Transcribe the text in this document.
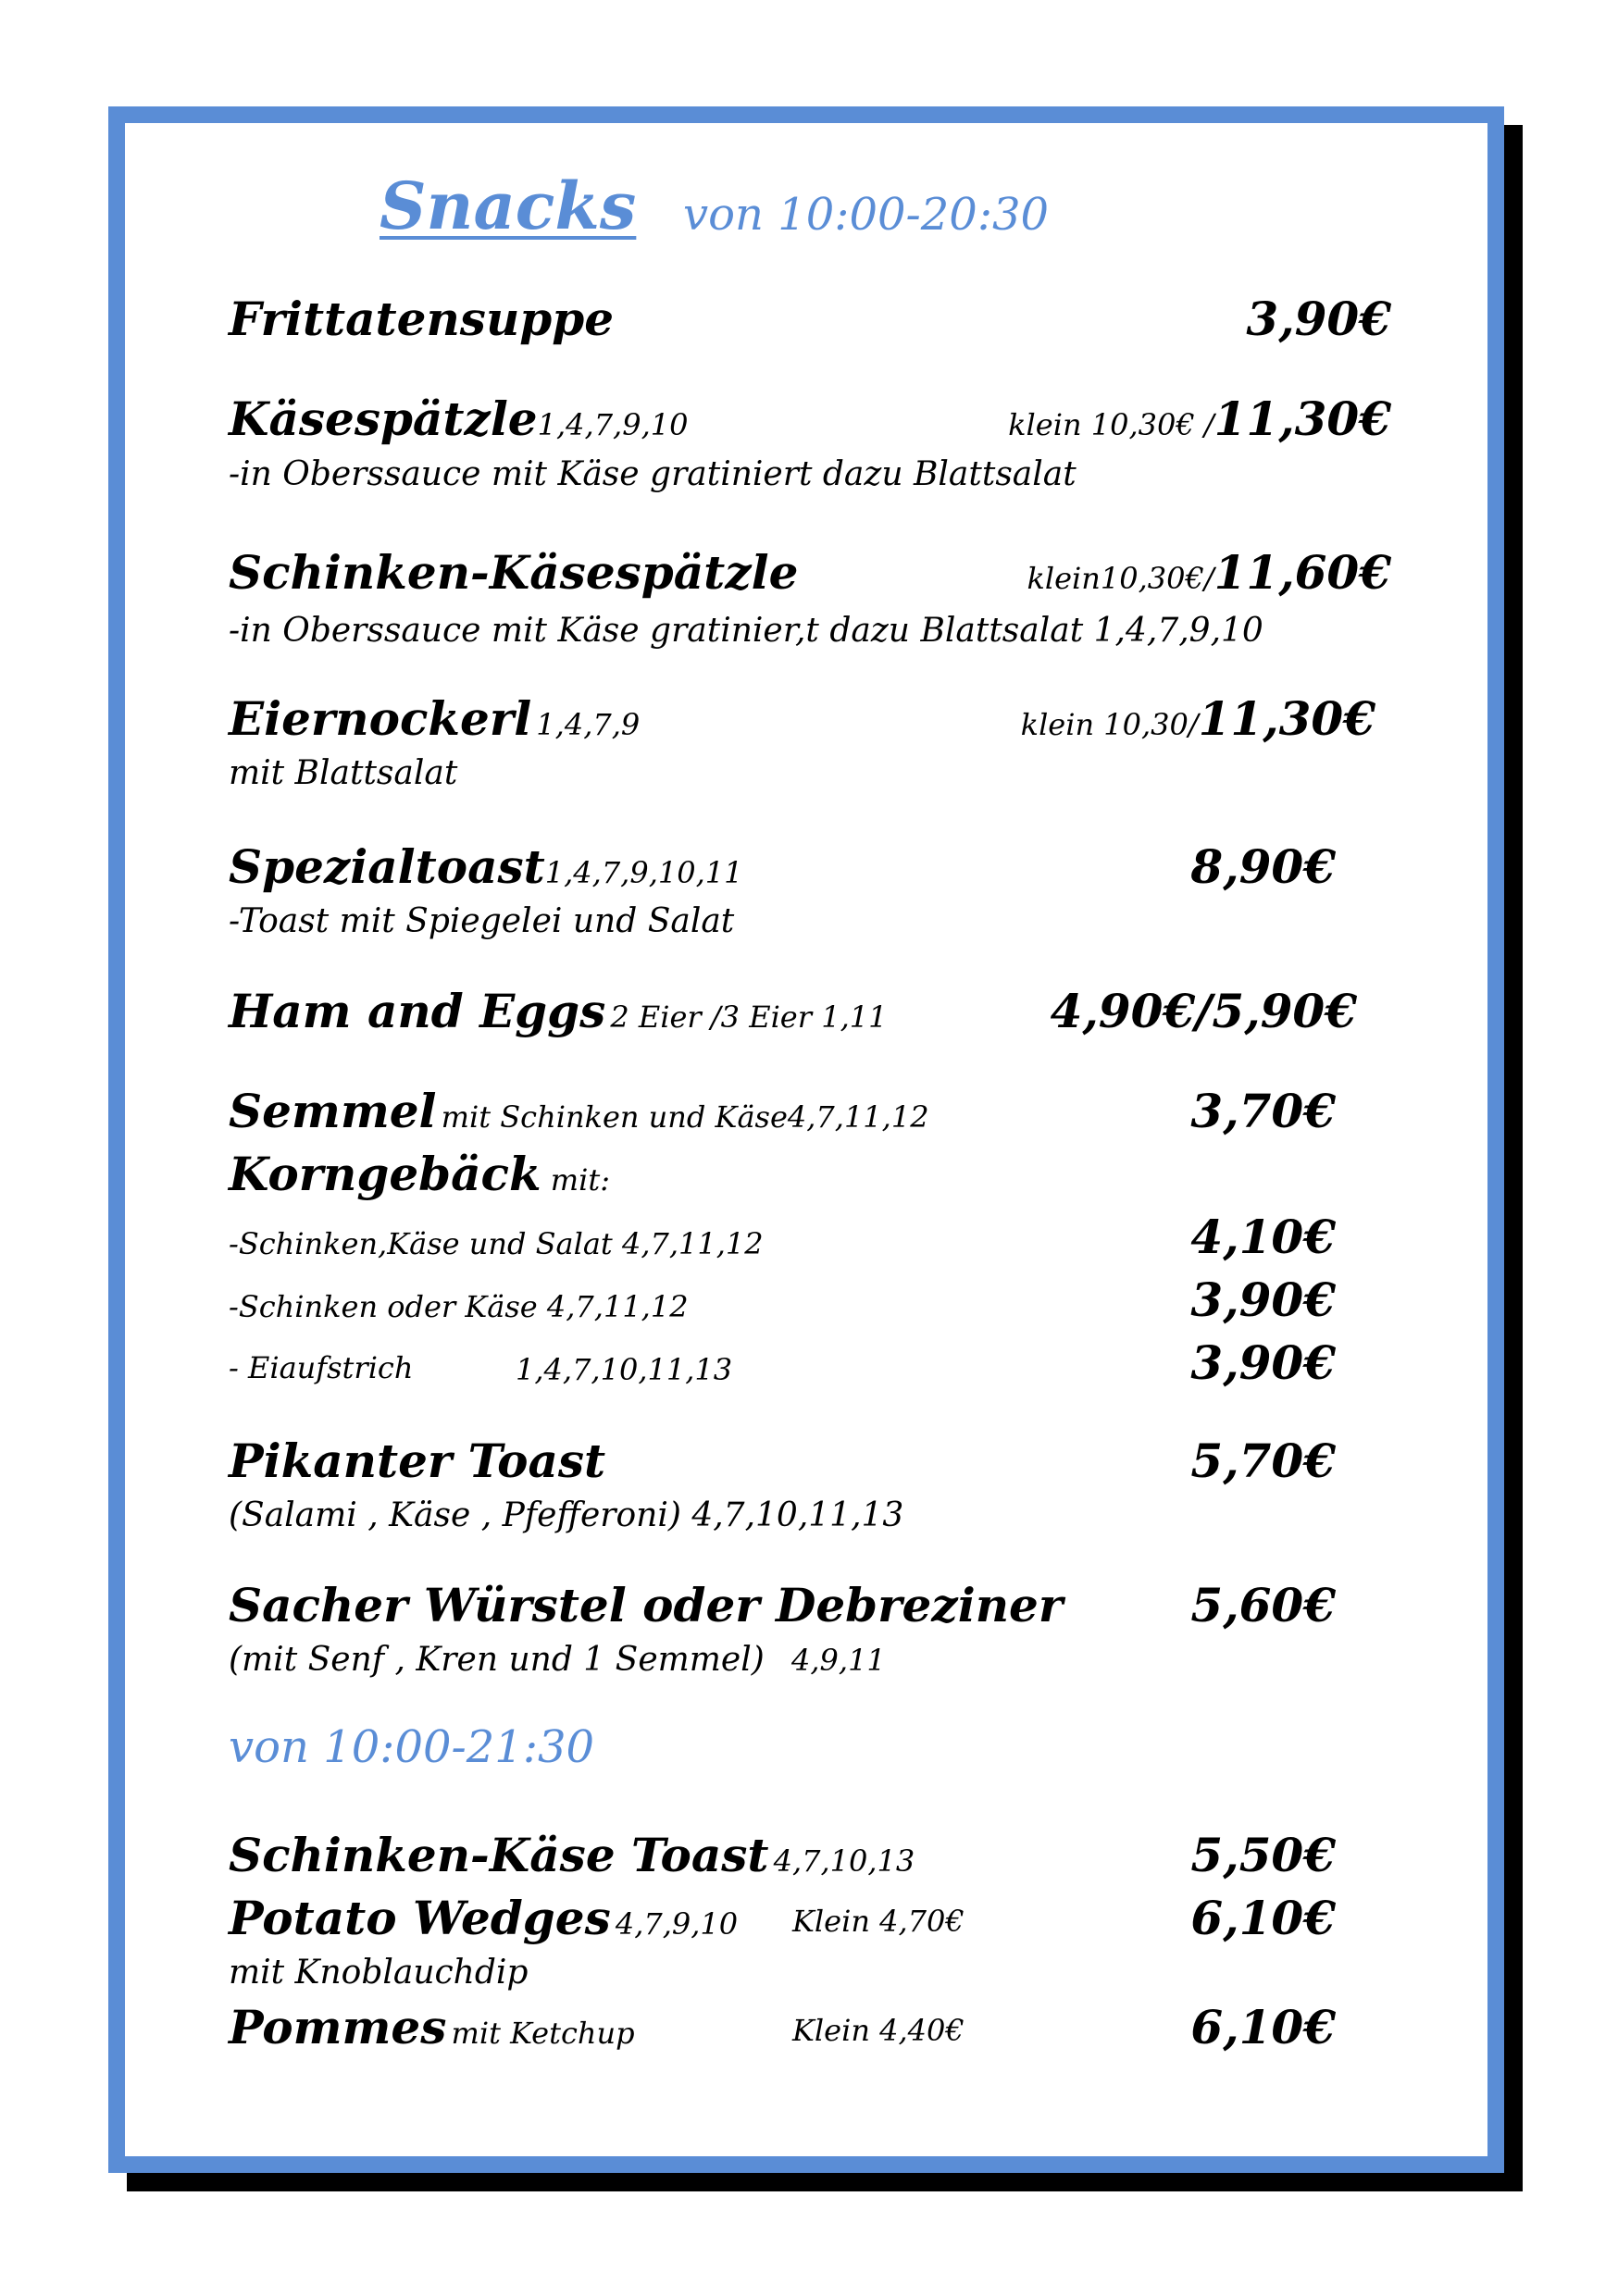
Snacks von 10:00-20:30
Frittatensuppe	3,90€
Käsespätzle1,4,7,9,10	klein 10,30€ /11,30€
-in Oberssauce mit Käse gratiniert dazu Blattsalat
Schinken-Käsespätzle	klein10,30€/11,60€
-in Oberssauce mit Käse gratinier,t dazu Blattsalat 1,4,7,9,10
Eiernockerl 1,4,7,9	klein 10,30/11,30€
mit Blattsalat
Spezialtoast1,4,7,9,10,11	8,90€
-Toast mit Spiegelei und Salat
Ham and Eggs 2 Eier /3 Eier 1,11	4,90€/5,90€
Semmel mit Schinken und Käse4,7,11,12	3,70€
Korngebäck mit:
-Schinken,Käse und Salat 4,7,11,12	4,10€
-Schinken oder Käse 4,7,11,12	3,90€
- Eiaufstrich	1,4,7,10,11,13	3,90€
Pikanter Toast	5,70€
(Salami , Käse , Pfefferoni) 4,7,10,11,13
Sacher Würstel oder Debreziner	5,60€
(mit Senf , Kren und 1 Semmel) 4,9,11
von 10:00-21:30
Schinken-Käse Toast 4,7,10,13	5,50€
Potato Wedges 4,7,9,10 Klein 4,70€	6,10€
mit Knoblauchdip
Pommes mit Ketchup	Klein 4,40€	6,10€
